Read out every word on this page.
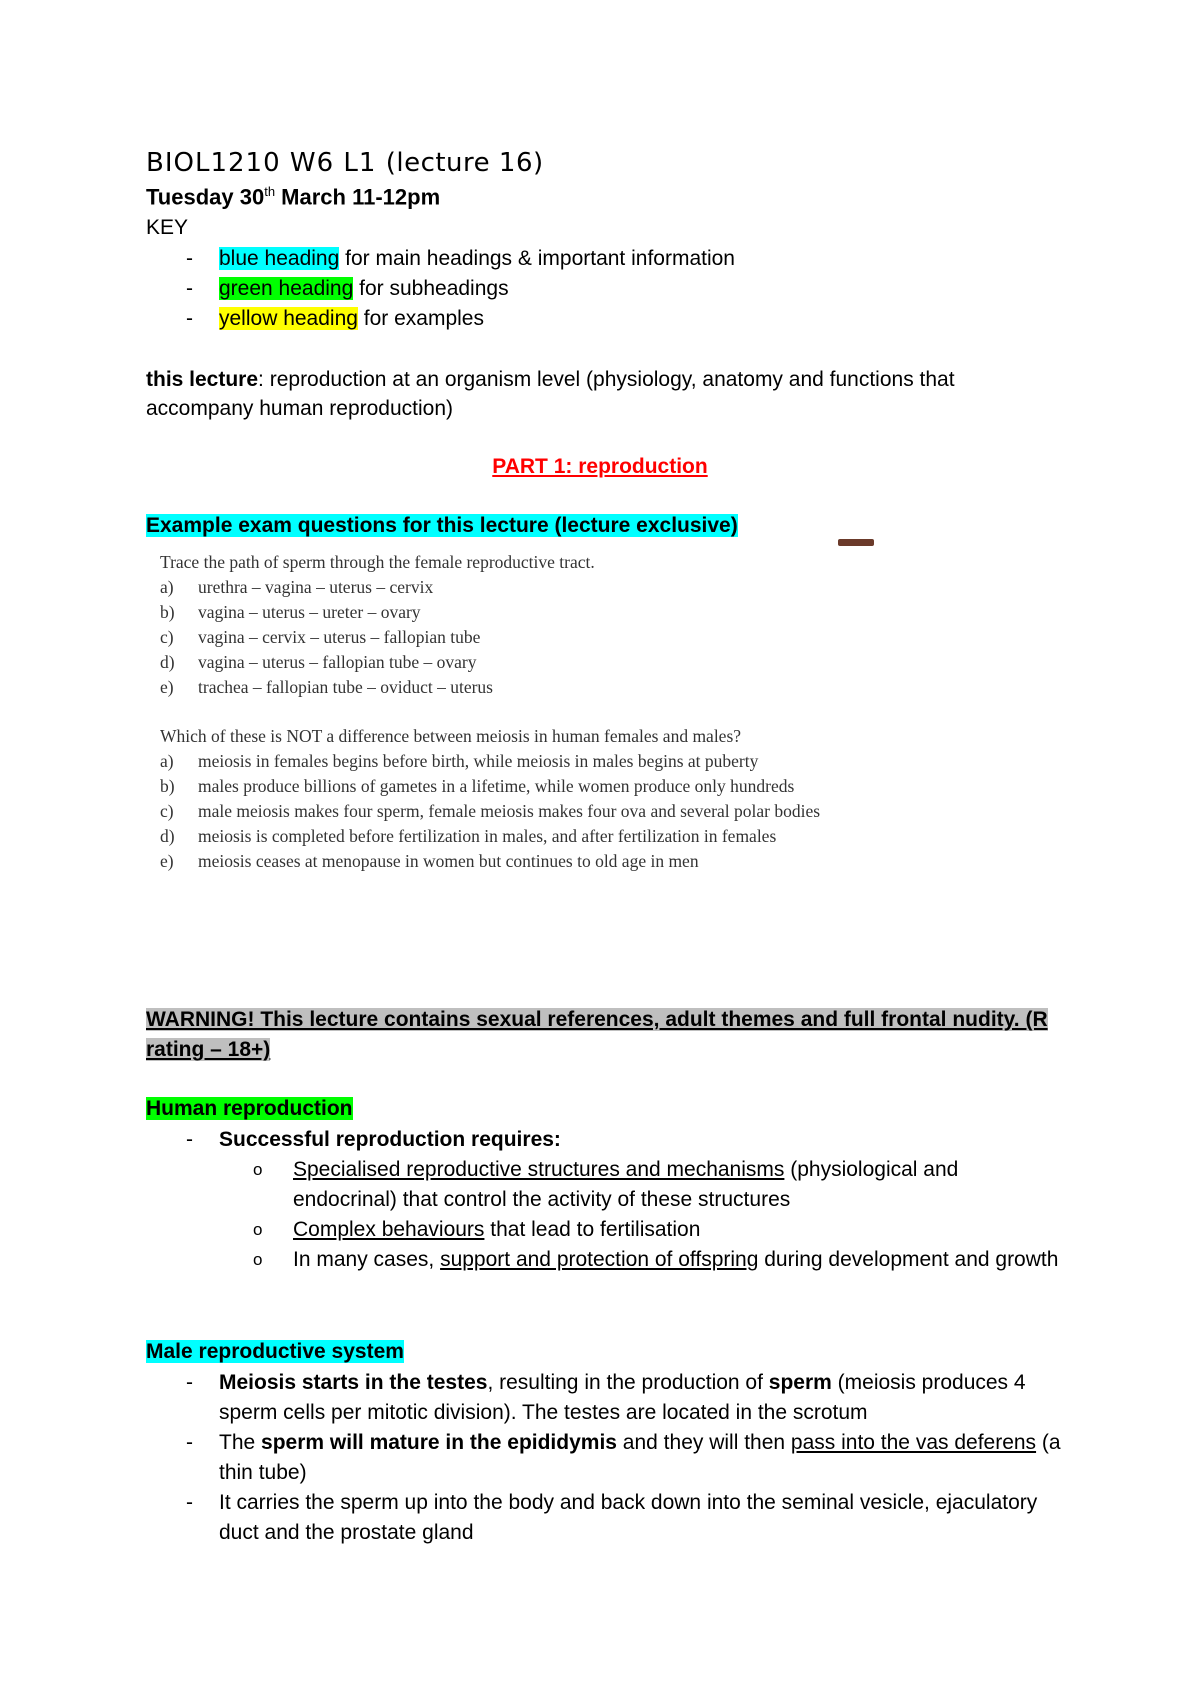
BIOL1210 W6 L1 (lecture 16)
Tuesday 30th March 11-12pm
KEY
-	blue heading for main headings & important information
-	green heading for subheadings
-	yellow heading for examples
this lecture: reproduction at an organism level (physiology, anatomy and functions that accompany human reproduction)
PART 1: reproduction
Example exam questions for this lecture (lecture exclusive)

Trace the path of sperm through the female reproductive tract.

a) urethra – vagina – uterus – cervix
b) vagina – uterus – ureter – ovary
c) vagina – cervix – uterus – fallopian tube
d) vagina – uterus – fallopian tube – ovary
e) trachea – fallopian tube – oviduct – uterus

Which of these is NOT a difference between meiosis in human females and males?

a) meiosis in females begins before birth, while meiosis in males begins at puberty
b) males produce billions of gametes in a lifetime, while women produce only hundreds
c) male meiosis makes four sperm, female meiosis makes four ova and several polar bodies
d) meiosis is completed before fertilization in males, and after fertilization in females
e) meiosis ceases at menopause in women but continues to old age in men
WARNING! This lecture contains sexual references, adult themes and full frontal nudity. (R rating – 18+)
Human reproduction
-	Successful reproduction requires:
o Specialised reproductive structures and mechanisms (physiological and endocrinal) that control the activity of these structures
o Complex behaviours that lead to fertilisation
o In many cases, support and protection of offspring during development and growth
Male reproductive system
-	Meiosis starts in the testes, resulting in the production of sperm (meiosis produces 4 sperm cells per mitotic division). The testes are located in the scrotum
-	The sperm will mature in the epididymis and they will then pass into the vas deferens (a thin tube)
-	It carries the sperm up into the body and back down into the seminal vesicle, ejaculatory duct and the prostate gland
